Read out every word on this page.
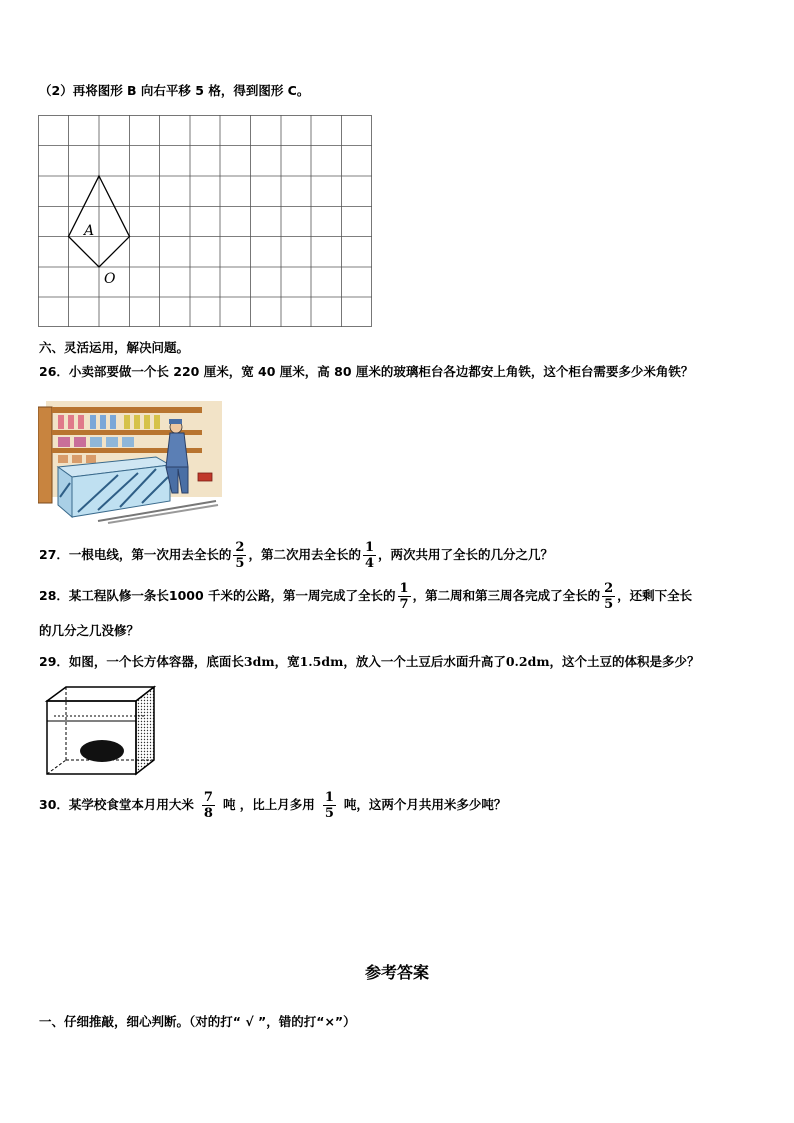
（2）再将图形 B 向右平移 5 格，得到图形 C。
A
O
六、灵活运用，解决问题。
26．小卖部要做一个长 220 厘米，宽 40 厘米，高 80 厘米的玻璃柜台各边都安上角铁，这个柜台需要多少米角铁？
27．一根电线，第一次用去全长的 $\frac{2}{5}$ ，第二次用去全长的 $\frac{1}{4}$ ，两次共用了全长的几分之几？
28．某工程队修一条长1000 千米的公路，第一周完成了全长的 $\frac{1}{7}$ ，第二周和第三周各完成了全长的 $\frac{2}{5}$ ，还剩下全长
的几分之几没修？
29．如图，一个长方体容器，底面长3dm，宽1.5dm，放入一个土豆后水面升高了0.2dm，这个土豆的体积是多少？
30．某学校食堂本月用大米 $\frac{7}{8}$ 吨 ，比上月多用 $\frac{1}{5}$ 吨，这两个月共用米多少吨？
参考答案
一、仔细推敲，细心判断。（对的打“ √ ”，错的打“×”）
